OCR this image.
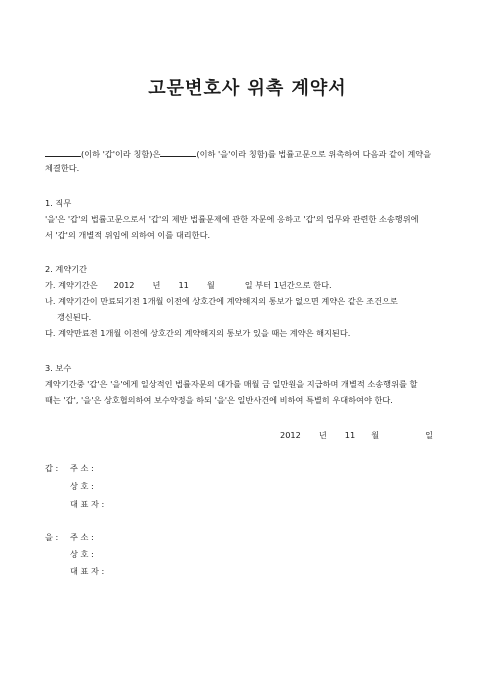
고문변호사 위촉 계약서
(이하 '갑'이라 칭함)은	(이하 '을'이라 칭함)를 법률고문으로 위촉하여 다음과 같이 계약을
체결한다.
1. 직무
'을'은 '갑'의 법률고문으로서 '갑'의 제반 법률문제에 관한 자문에 응하고 '갑'의 업무와 관련한 소송행위에
서 '갑'의 개별적 위임에 의하여 이를 대리한다.
2. 계약기간
가. 계약기간은 2012 년 11 월	일 부터 1년간으로 한다.
나. 계약기간이 만료되기전 1개월 이전에 상호간에 계약해지의 통보가 없으면 계약은 같은 조건으로
갱신된다.
다. 계약만료전 1개월 이전에 상호간의 계약해지의 통보가 있을 때는 계약은 해지된다.
3. 보수
계약기간중 '갑'은 '을'에게 일상적인 법률자문의 대가를 매월 금 일만원을 지급하며 개별적 소송행위를 할
때는 '갑', '을'은 상호협의하여 보수약정을 하되 '을'은 일반사건에 비하여 특별히 우대하여야 한다.
2012 년 11 월	일
갑 : 주 소 :
상 호 :
대 표 자 :
을 : 주 소 :
상 호 :
대 표 자 :
